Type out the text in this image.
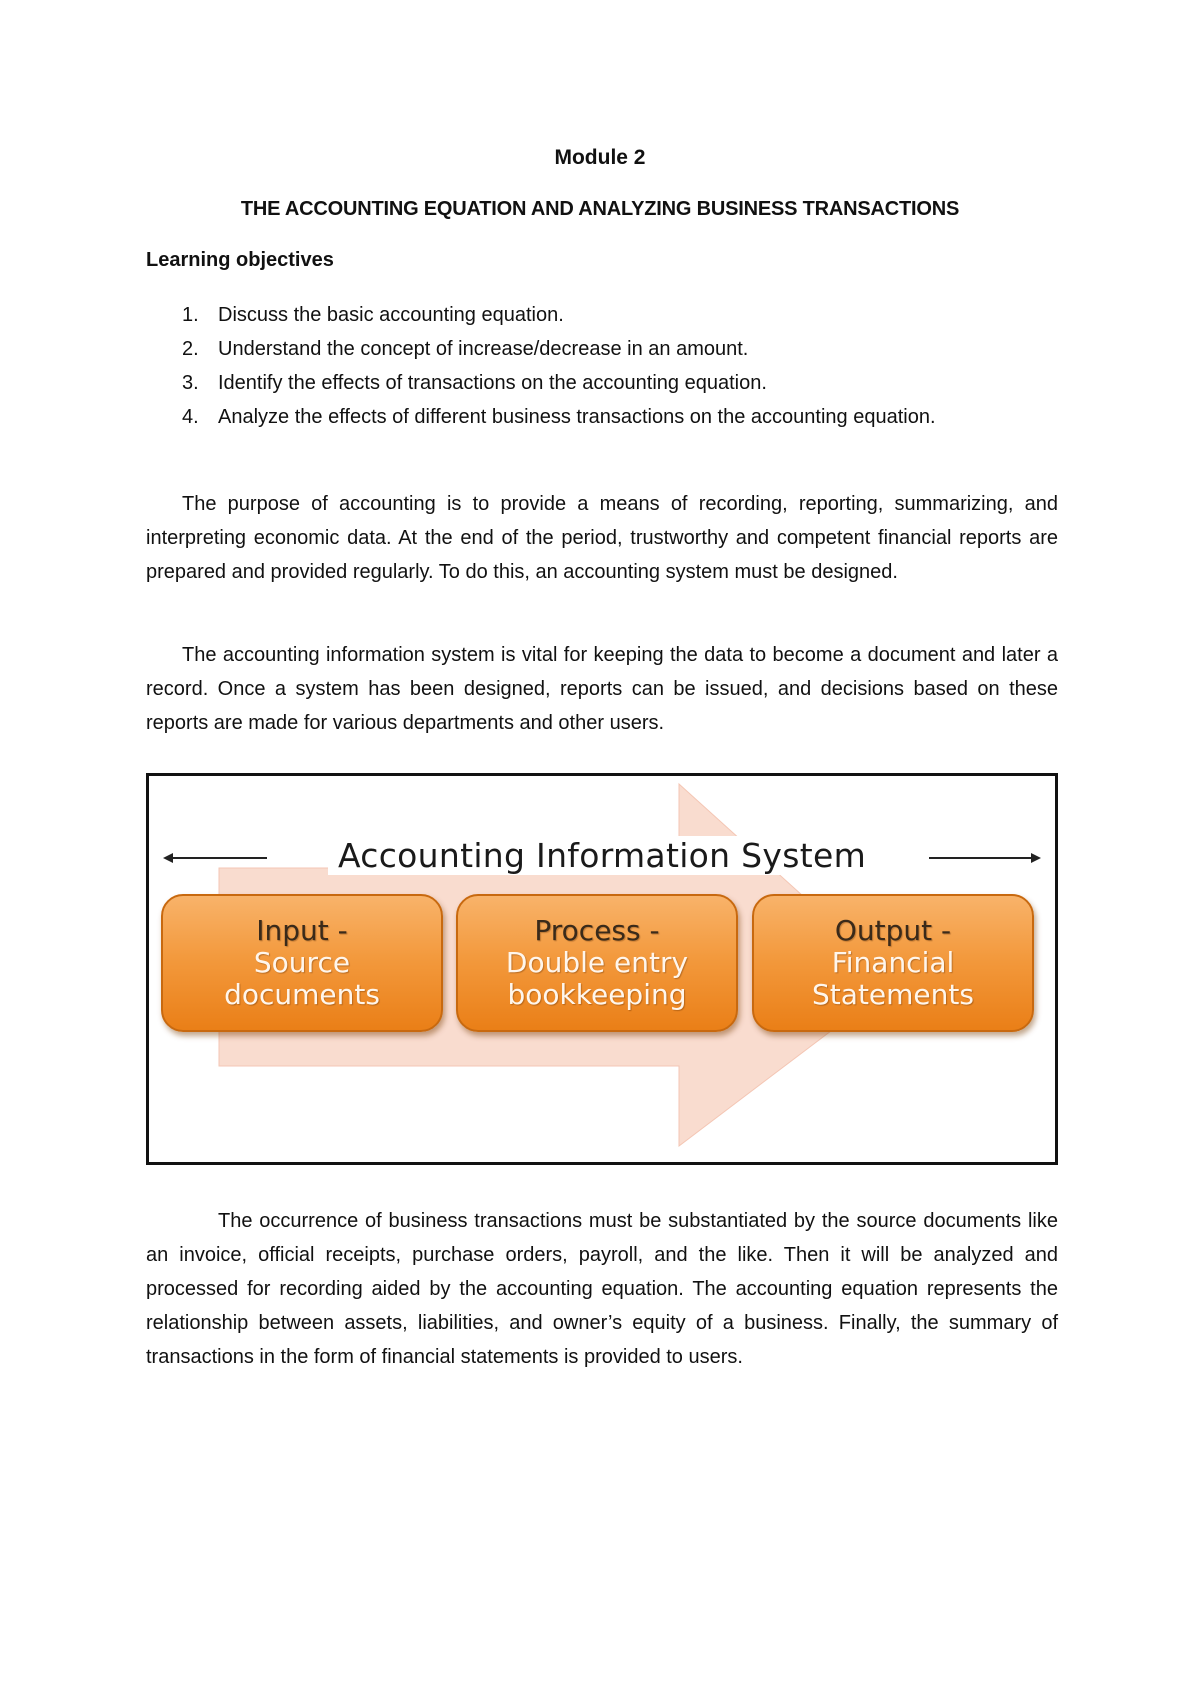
Module 2
THE ACCOUNTING EQUATION AND ANALYZING BUSINESS TRANSACTIONS
Learning objectives
1. Discuss the basic accounting equation.
2. Understand the concept of increase/decrease in an amount.
3. Identify the effects of transactions on the accounting equation.
4. Analyze the effects of different business transactions on the accounting equation.

The purpose of accounting is to provide a means of recording, reporting, summarizing, and interpreting economic data. At the end of the period, trustworthy and competent financial reports are prepared and provided regularly. To do this, an accounting system must be designed.

The accounting information system is vital for keeping the data to become a document and later a record. Once a system has been designed, reports can be issued, and decisions based on these reports are made for various departments and other users.

Accounting Information System
Input -
Source
documents
Process -
Double entry
bookkeeping
Output -
Financial
Statements

The occurrence of business transactions must be substantiated by the source documents like an invoice, official receipts, purchase orders, payroll, and the like. Then it will be analyzed and processed for recording aided by the accounting equation. The accounting equation represents the relationship between assets, liabilities, and owner’s equity of a business. Finally, the summary of transactions in the form of financial statements is provided to users.
